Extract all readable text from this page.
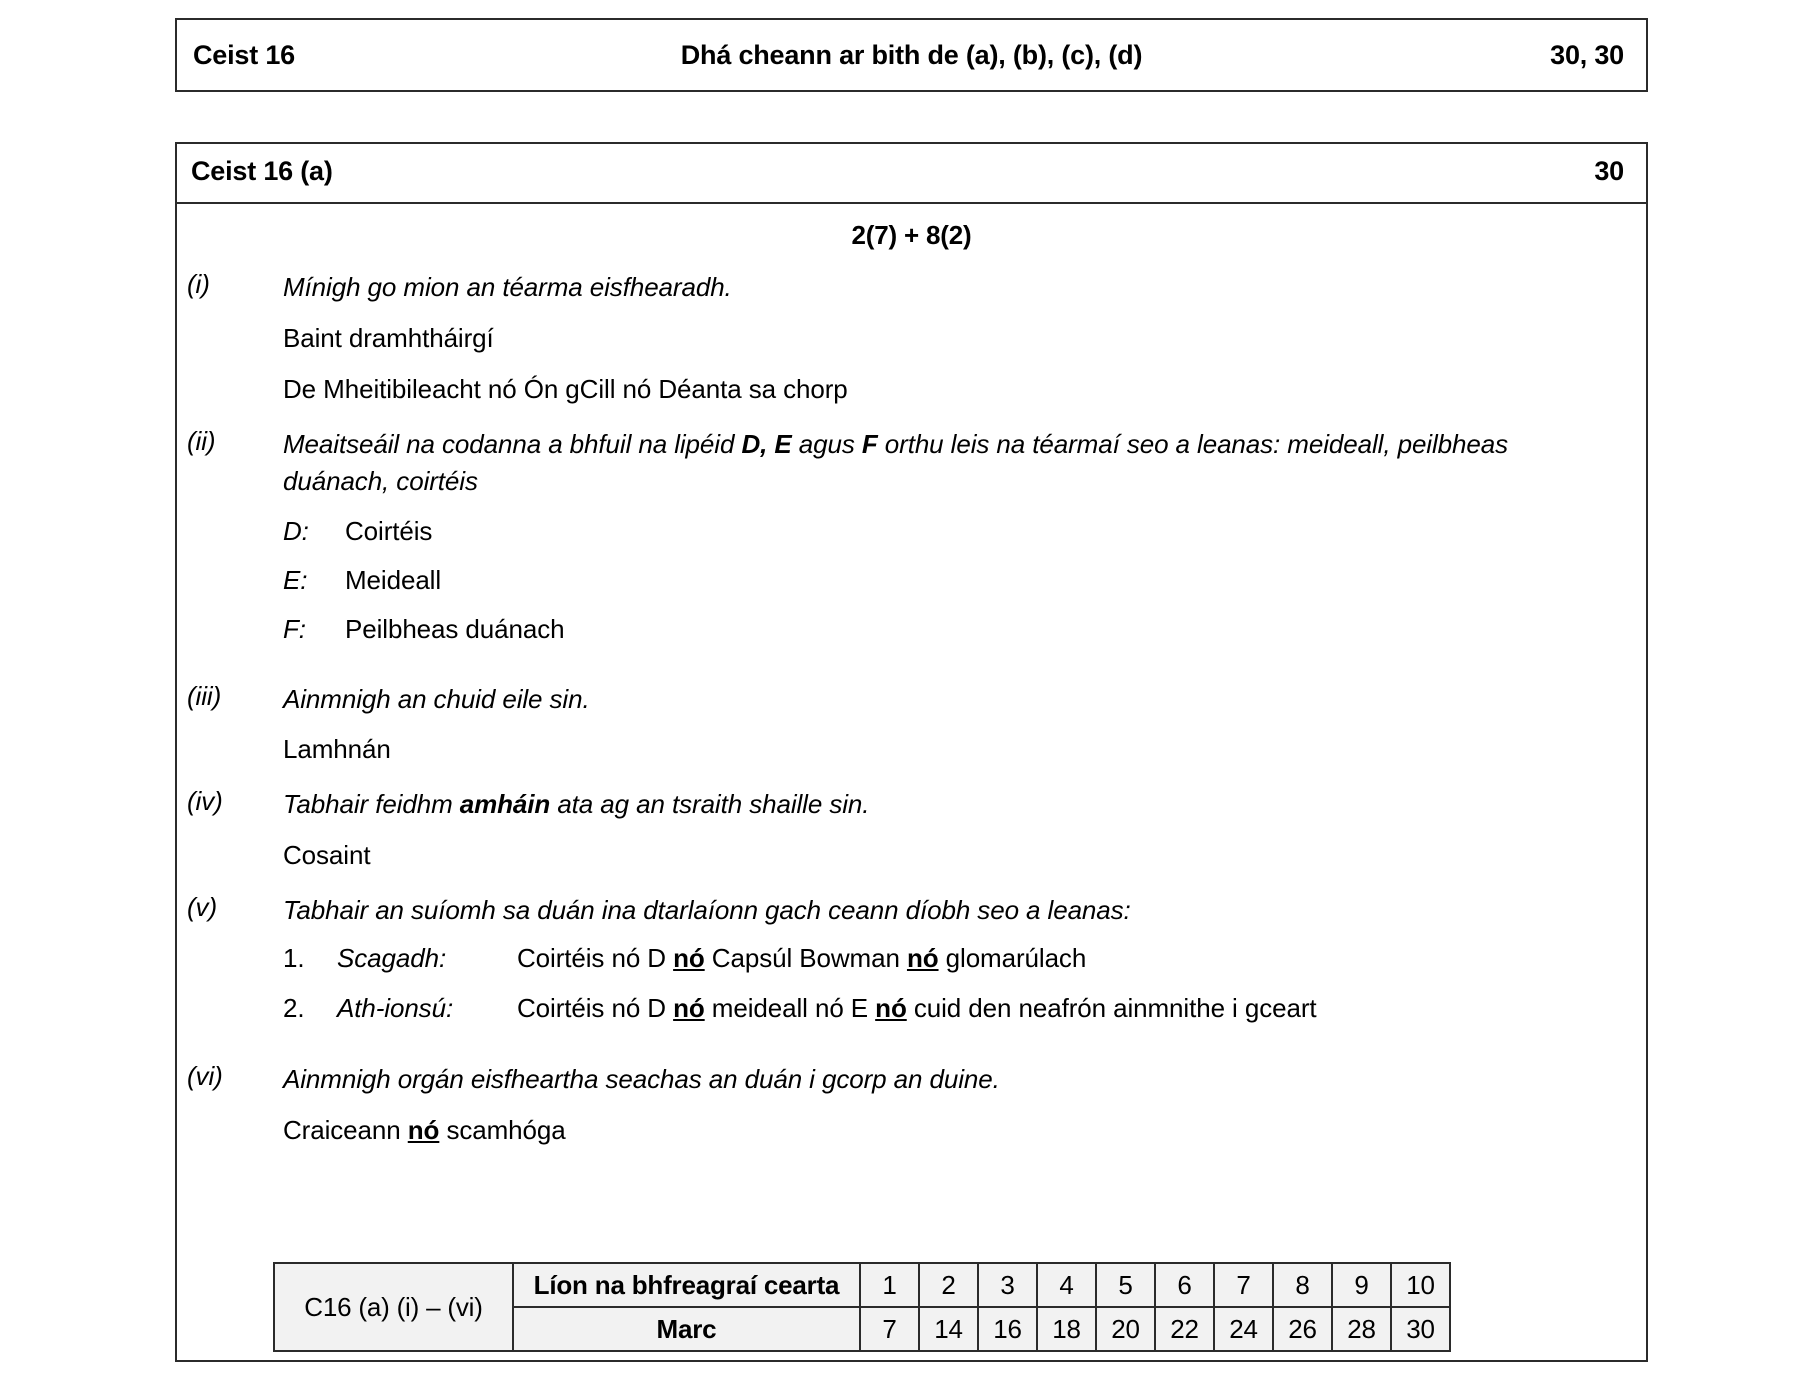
Ceist 16	Dhá cheann ar bith de (a), (b), (c), (d)	30, 30
Ceist 16 (a)	30
2(7) + 8(2)
(i)	Mínigh go mion an téarma eisfhearadh.
Baint dramhtháirgí
De Mheitibileacht nó Ón gCill nó Déanta sa chorp
(ii)	Meaitseáil na codanna a bhfuil na lipéid D, E agus F orthu leis na téarmaí seo a leanas: meideall, peilbheas duánach, coirtéis
D:	Coirtéis
E:	Meideall
F:	Peilbheas duánach
(iii)	Ainmnigh an chuid eile sin.
Lamhnán
(iv)	Tabhair feidhm amháin ata ag an tsraith shaille sin.
Cosaint
(v)	Tabhair an suíomh sa duán ina dtarlaíonn gach ceann díobh seo a leanas:
1.	Scagadh:	Coirtéis nó D nó Capsúl Bowman nó glomarúlach
2.	Ath-ionsú:	Coirtéis nó D nó meideall nó E nó cuid den neafrón ainmnithe i gceart
(vi)	Ainmnigh orgán eisfheartha seachas an duán i gcorp an duine.
Craiceann nó scamhóga
C16 (a) (i) – (vi)	Líon na bhfreagraí cearta	1	2	3	4	5	6	7	8	9	10
	Marc	7	14	16	18	20	22	24	26	28	30
